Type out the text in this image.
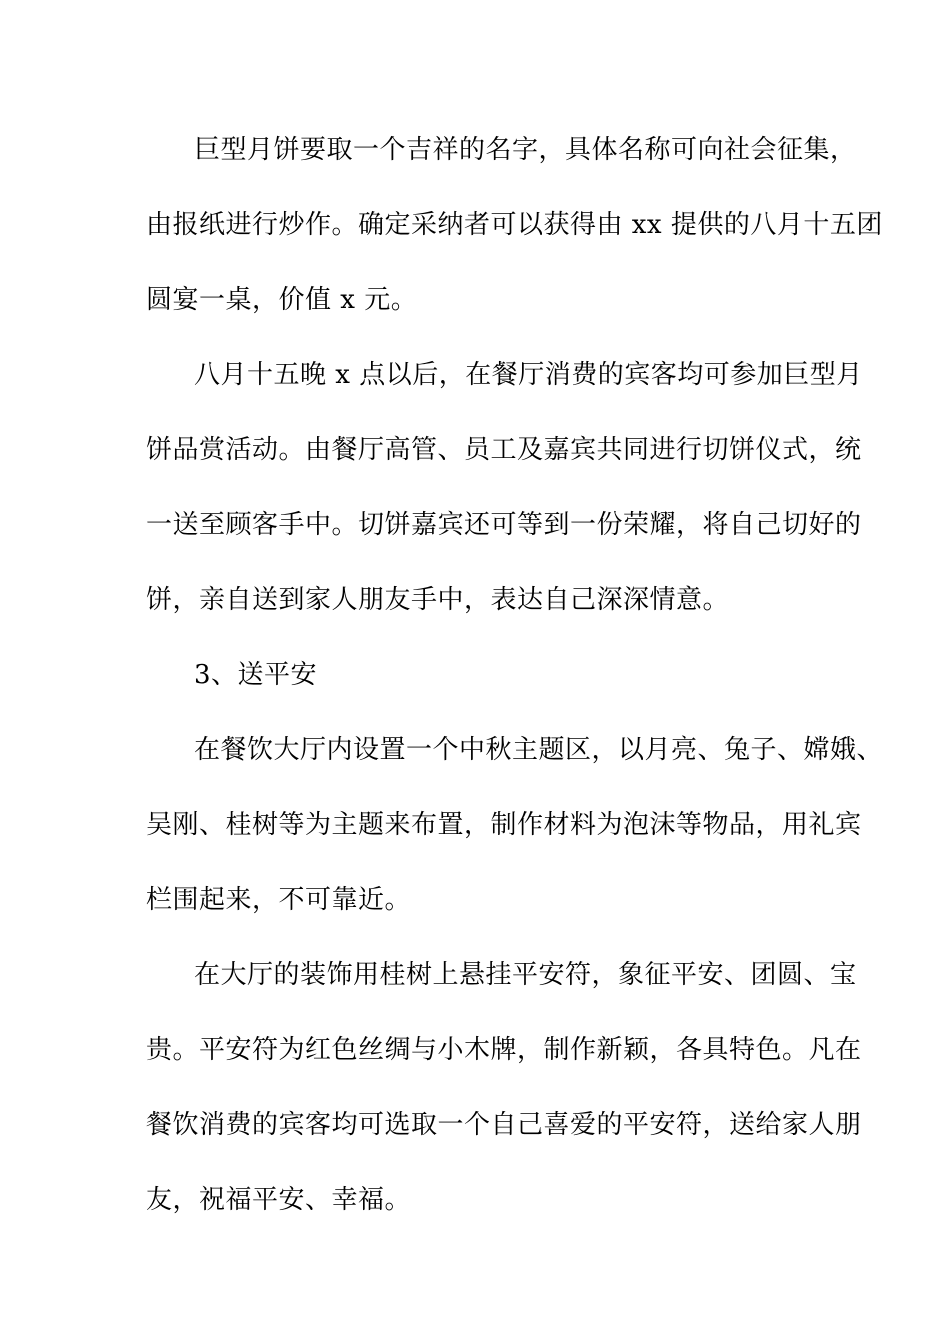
巨型月饼要取一个吉祥的名字，具体名称可向社会征集，
由报纸进行炒作。确定采纳者可以获得由 xx 提供的八月十五团
圆宴一桌，价值 x 元。
八月十五晚 x 点以后，在餐厅消费的宾客均可参加巨型月
饼品赏活动。由餐厅高管、员工及嘉宾共同进行切饼仪式，统
一送至顾客手中。切饼嘉宾还可等到一份荣耀，将自己切好的
饼，亲自送到家人朋友手中，表达自己深深情意。
3、送平安
在餐饮大厅内设置一个中秋主题区，以月亮、兔子、嫦娥、
吴刚、桂树等为主题来布置，制作材料为泡沫等物品，用礼宾
栏围起来，不可靠近。
在大厅的装饰用桂树上悬挂平安符，象征平安、团圆、宝
贵。平安符为红色丝绸与小木牌，制作新颖，各具特色。凡在
餐饮消费的宾客均可选取一个自己喜爱的平安符，送给家人朋
友，祝福平安、幸福。
